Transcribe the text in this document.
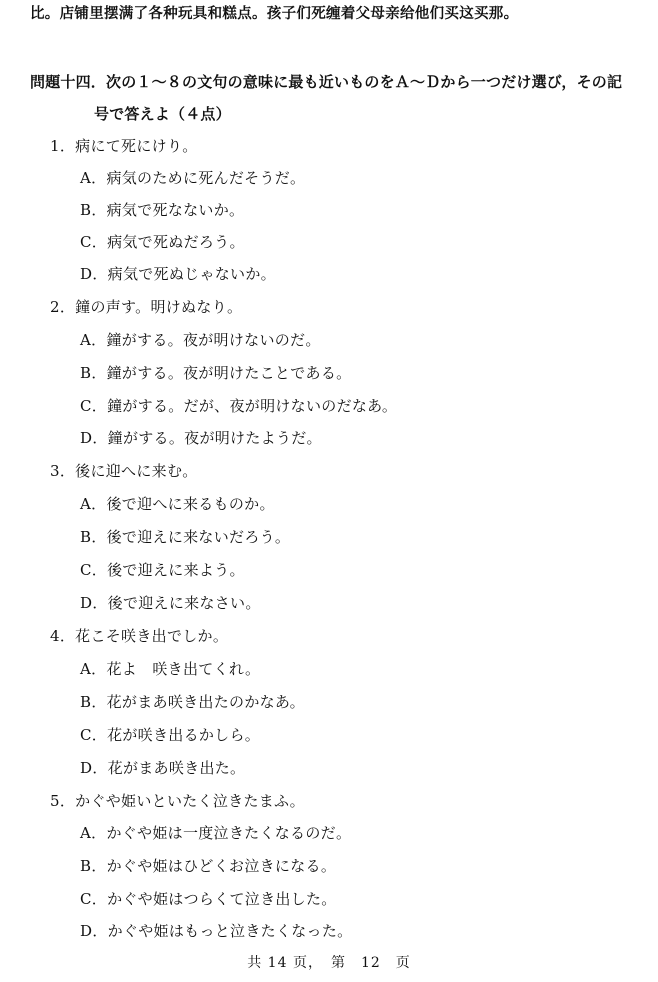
比。店铺里摆满了各种玩具和糕点。孩子们死缠着父母亲给他们买这买那。
問題十四．次の１～８の文句の意味に最も近いものをＡ～Ｄから一つだけ選び，その記
号で答えよ（４点）
1．病にて死にけり。
A．病気のために死んだそうだ。
B．病気で死なないか。
C．病気で死ぬだろう。
D．病気で死ぬじゃないか。
2．鐘の声す。明けぬなり。
A．鐘がする。夜が明けないのだ。
B．鐘がする。夜が明けたことである。
C．鐘がする。だが、夜が明けないのだなあ。
D．鐘がする。夜が明けたようだ。
3．後に迎へに来む。
A．後で迎へに来るものか。
B．後で迎えに来ないだろう。
C．後で迎えに来よう。
D．後で迎えに来なさい。
4．花こそ咲き出でしか。
A．花よ　咲き出てくれ。
B．花がまあ咲き出たのかなあ。
C．花が咲き出るかしら。
D．花がまあ咲き出た。
5．かぐや姫いといたく泣きたまふ。
A．かぐや姫は一度泣きたくなるのだ。
B．かぐや姫はひどくお泣きになる。
C．かぐや姫はつらくて泣き出した。
D．かぐや姫はもっと泣きたくなった。
共 14 页，　第　12　页
